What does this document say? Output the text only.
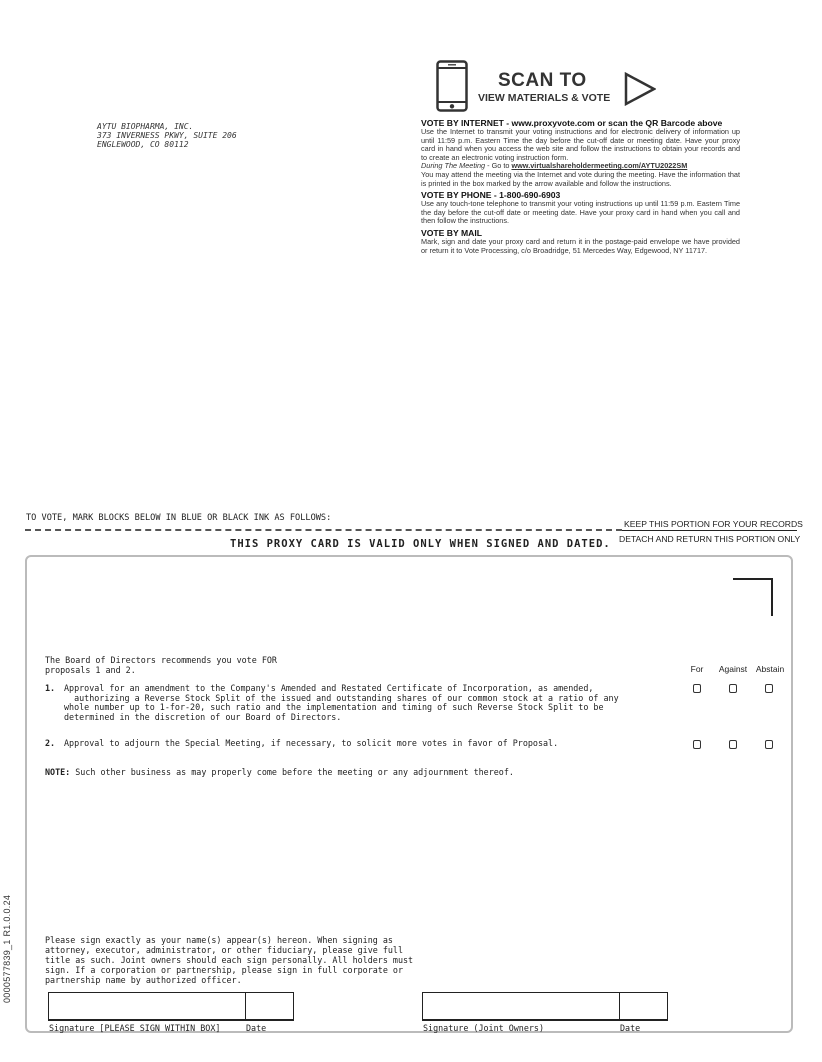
AYTU BIOPHARMA, INC.
373 INVERNESS PKWY, SUITE 206
ENGLEWOOD, CO 80112
SCAN TO
VIEW MATERIALS & VOTE
VOTE BY INTERNET - www.proxyvote.com or scan the QR Barcode above

Use the Internet to transmit your voting instructions and for electronic delivery of information up until 11:59 p.m. Eastern Time the day before the cut-off date or meeting date. Have your proxy card in hand when you access the web site and follow the instructions to obtain your records and to create an electronic voting instruction form.

During The Meeting - Go to www.virtualshareholdermeeting.com/AYTU2022SM

You may attend the meeting via the Internet and vote during the meeting. Have the information that is printed in the box marked by the arrow available and follow the instructions.

VOTE BY PHONE - 1-800-690-6903

Use any touch-tone telephone to transmit your voting instructions up until 11:59 p.m. Eastern Time the day before the cut-off date or meeting date. Have your proxy card in hand when you call and then follow the instructions.

VOTE BY MAIL

Mark, sign and date your proxy card and return it in the postage-paid envelope we have provided or return it to Vote Processing, c/o Broadridge, 51 Mercedes Way, Edgewood, NY 11717.

TO VOTE, MARK BLOCKS BELOW IN BLUE OR BLACK INK AS FOLLOWS:
KEEP THIS PORTION FOR YOUR RECORDS
DETACH AND RETURN THIS PORTION ONLY
THIS PROXY CARD IS VALID ONLY WHEN SIGNED AND DATED.
The Board of Directors recommends you vote FOR
proposals 1 and 2.	For Against Abstain
1. Approval for an amendment to the Company's Amended and Restated Certificate of Incorporation, as amended,
authorizing a Reverse Stock Split of the issued and outstanding shares of our common stock at a ratio of any
whole number up to 1-for-20, such ratio and the implementation and timing of such Reverse Stock Split to be
determined in the discretion of our Board of Directors.
2. Approval to adjourn the Special Meeting, if necessary, to solicit more votes in favor of Proposal.
NOTE: Such other business as may properly come before the meeting or any adjournment thereof.
Please sign exactly as your name(s) appear(s) hereon. When signing as
attorney, executor, administrator, or other fiduciary, please give full
title as such. Joint owners should each sign personally. All holders must
sign. If a corporation or partnership, please sign in full corporate or
partnership name by authorized officer.
Signature [PLEASE SIGN WITHIN BOX]	Date	Signature (Joint Owners)	Date
0000577839_1 R1.0.0.24
